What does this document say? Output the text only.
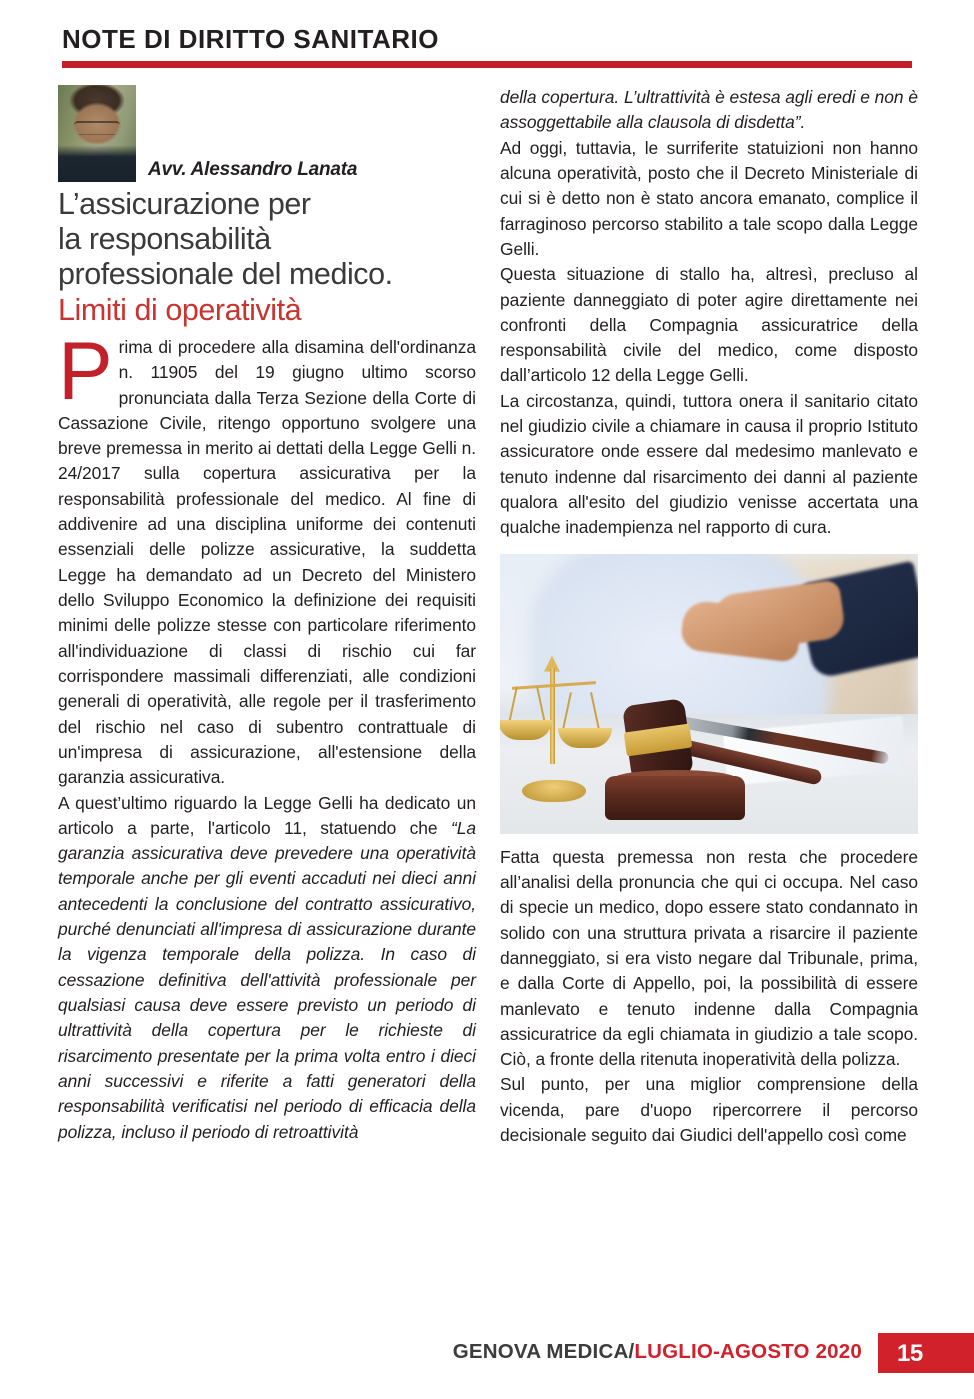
NOTE DI DIRITTO SANITARIO
Avv. Alessandro Lanata
L’assicurazione per
la responsabilità
professionale del medico.
Limiti di operatività

Prima di procedere alla disamina dell'ordinanza n. 11905 del 19 giugno ultimo scorso pronunciata dalla Terza Sezione della Corte di Cassazione Civile, ritengo opportuno svolgere una breve premessa in merito ai dettati della Legge Gelli n. 24/2017 sulla copertura assicurativa per la responsabilità professionale del medico. Al fine di addivenire ad una disciplina uniforme dei contenuti essenziali delle polizze assicurative, la suddetta Legge ha demandato ad un Decreto del Ministero dello Sviluppo Economico la definizione dei requisiti minimi delle polizze stesse con particolare riferimento all'individuazione di classi di rischio cui far corrispondere massimali differenziati, alle condizioni generali di operatività, alle regole per il trasferimento del rischio nel caso di subentro contrattuale di un'impresa di assicurazione, all'estensione della garanzia assicurativa.

A quest’ultimo riguardo la Legge Gelli ha dedicato un articolo a parte, l'articolo 11, statuendo che “La garanzia assicurativa deve prevedere una operatività temporale anche per gli eventi accaduti nei dieci anni antecedenti la conclusione del contratto assicurativo, purché denunciati all'impresa di assicurazione durante la vigenza temporale della polizza. In caso di cessazione definitiva dell'attività professionale per qualsiasi causa deve essere previsto un periodo di ultrattività della copertura per le richieste di risarcimento presentate per la prima volta entro i dieci anni successivi e riferite a fatti generatori della responsabilità verificatisi nel periodo di efficacia della polizza, incluso il periodo di retroattività

della copertura. L’ultrattività è estesa agli eredi e non è assoggettabile alla clausola di disdetta”.

Ad oggi, tuttavia, le surriferite statuizioni non hanno alcuna operatività, posto che il Decreto Ministeriale di cui si è detto non è stato ancora emanato, complice il farraginoso percorso stabilito a tale scopo dalla Legge Gelli.

Questa situazione di stallo ha, altresì, precluso al paziente danneggiato di poter agire direttamente nei confronti della Compagnia assicuratrice della responsabilità civile del medico, come disposto dall’articolo 12 della Legge Gelli.

La circostanza, quindi, tuttora onera il sanitario citato nel giudizio civile a chiamare in causa il proprio Istituto assicuratore onde essere dal medesimo manlevato e tenuto indenne dal risarcimento dei danni al paziente qualora all'esito del giudizio venisse accertata una qualche inadempienza nel rapporto di cura.

Fatta questa premessa non resta che procedere all’analisi della pronuncia che qui ci occupa. Nel caso di specie un medico, dopo essere stato condannato in solido con una struttura privata a risarcire il paziente danneggiato, si era visto negare dal Tribunale, prima, e dalla Corte di Appello, poi, la possibilità di essere manlevato e tenuto indenne dalla Compagnia assicuratrice da egli chiamata in giudizio a tale scopo. Ciò, a fronte della ritenuta inoperatività della polizza.

Sul punto, per una miglior comprensione della vicenda, pare d'uopo ripercorrere il percorso decisionale seguito dai Giudici dell'appello così come

GENOVA MEDICA/LUGLIO-AGOSTO 2020 15
